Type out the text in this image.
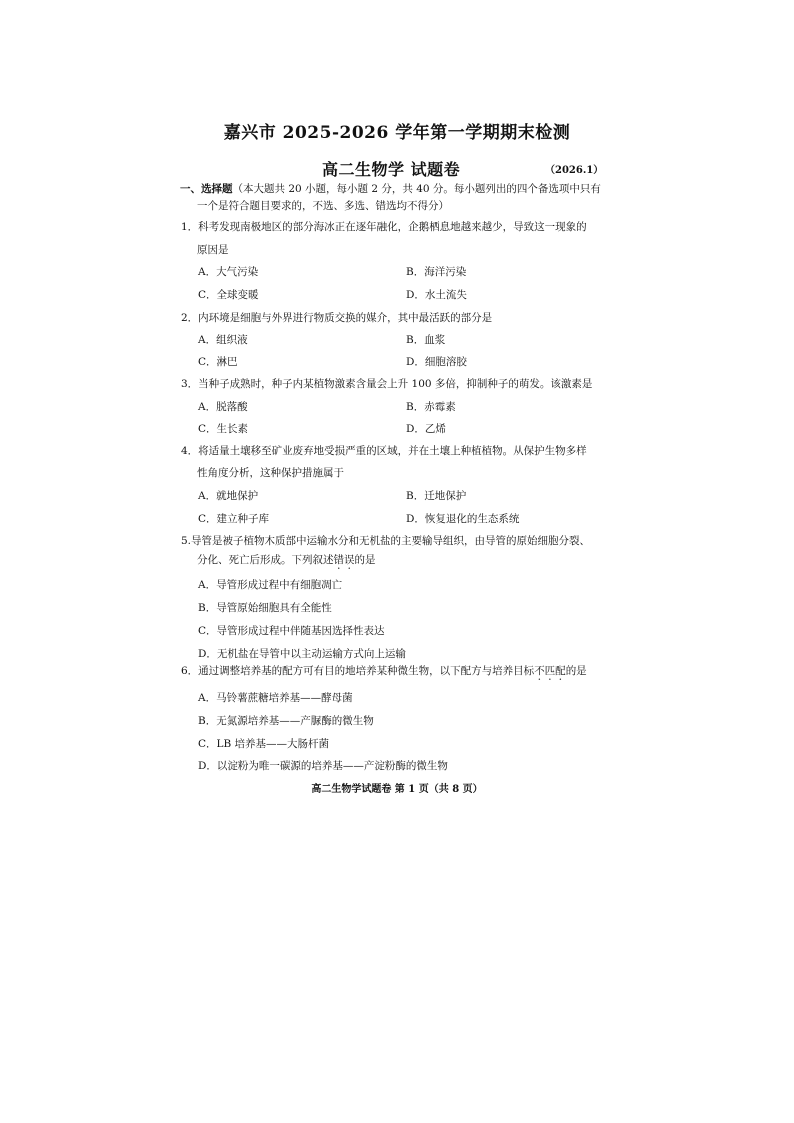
嘉兴市 2025-2026 学年第一学期期末检测
高二生物学 试题卷	（2026.1）
一、选择题（本大题共 20 小题，每小题 2 分，共 40 分。每小题列出的四个备选项中只有
一个是符合题目要求的，不选、多选、错选均不得分）
1．科考发现南极地区的部分海冰正在逐年融化，企鹅栖息地越来越少，导致这一现象的
原因是
A．大气污染	B．海洋污染
C．全球变暖	D．水土流失
2．内环境是细胞与外界进行物质交换的媒介，其中最活跃的部分是
A．组织液	B．血浆
C．淋巴	D．细胞溶胶
3．当种子成熟时，种子内某植物激素含量会上升 100 多倍，抑制种子的萌发。该激素是
A．脱落酸	B．赤霉素
C．生长素	D．乙烯
4．将适量土壤移至矿业废弃地受损严重的区域，并在土壤上种植植物。从保护生物多样
性角度分析，这种保护措施属于
A．就地保护	B．迁地保护
C．建立种子库	D．恢复退化的生态系统
5.导管是被子植物木质部中运输水分和无机盐的主要输导组织，由导管的原始细胞分裂、
分化、死亡后形成。下列叙述错误的是
A．导管形成过程中有细胞凋亡
B．导管原始细胞具有全能性
C．导管形成过程中伴随基因选择性表达
D．无机盐在导管中以主动运输方式向上运输
6．通过调整培养基的配方可有目的地培养某种微生物，以下配方与培养目标不匹配的是
A．马铃薯蔗糖培养基——酵母菌
B．无氮源培养基——产脲酶的微生物
C．LB 培养基——大肠杆菌
D．以淀粉为唯一碳源的培养基——产淀粉酶的微生物
高二生物学试题卷 第 1 页（共 8 页）
